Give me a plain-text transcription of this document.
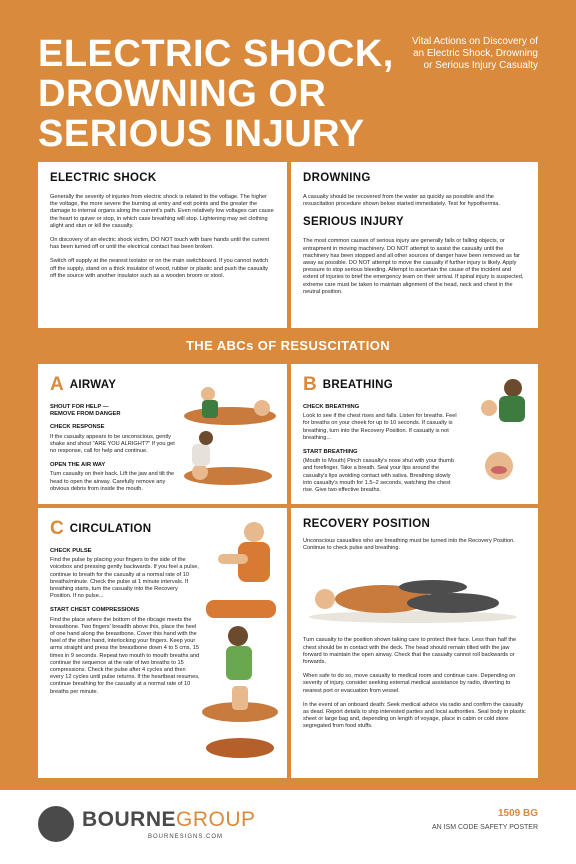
ELECTRIC SHOCK,
DROWNING OR
SERIOUS INJURY
Vital Actions on Discovery of an Electric Shock, Drowning or Serious Injury Casualty
ELECTRIC SHOCK

Generally the severity of injuries from electric shock is related to the voltage. The higher the voltage, the more severe the burning at entry and exit points and the greater the damage to internal organs along the current's path. Even relatively low voltages can cause the heart to quiver or stop, in which case breathing will stop. Lightening may set clothing alight and stun or kill the casualty.

On discovery of an electric shock victim, DO NOT touch with bare hands until the current has been turned off or until the electrical contact has been broken.

Switch off supply at the nearest isolator or on the main switchboard. If you cannot switch off the supply, stand on a thick insulator of wood, rubber or plastic and push the casualty off the source with another insulator such as a wooden broom or stool.

DROWNING

A casualty should be recovered from the water as quickly as possible and the resuscitation procedure shown below started immediately. Test for hypothermia.

SERIOUS INJURY

The most common causes of serious injury are generally falls or falling objects, or entrapment in moving machinery. DO NOT attempt to assist the casualty until the machinery has been stopped and all other sources of danger have been removed as far away as possible. DO NOT attempt to move the casualty if further injury is likely. Apply pressure to stop serious bleeding. Attempt to ascertain the cause of the incident and extent of injuries to brief the emergency team on their arrival. If spinal injury is suspected, extreme care must be taken to maintain alignment of the head, neck and chest in the neutral position.

THE ABCs OF RESUSCITATION
AAIRWAY

SHOUT FOR HELP —
REMOVE FROM DANGER

CHECK RESPONSE

If the casualty appears to be unconscious, gently shake and shout "ARE YOU ALRIGHT?" If you get no response, call for help and continue.

OPEN THE AIR WAY

Turn casualty on their back. Lift the jaw and tilt the head to open the airway. Carefully remove any obvious debris from inside the mouth.

BBREATHING

CHECK BREATHING

Look to see if the chest rises and falls. Listen for breaths. Feel for breaths on your cheek for up to 10 seconds. If casualty is breathing, turn into the Recovery Position. If casualty is not breathing...

START BREATHING

(Mouth to Mouth) Pinch casualty's nose shut with your thumb and forefinger. Take a breath. Seal your lips around the casualty's lips avoiding contact with saliva. Breathing slowly into casualty's mouth for 1.5–2 seconds, watching the chest rise. Give two effective breaths.

CCIRCULATION

CHECK PULSE

Find the pulse by placing your fingers to the side of the voicebox and pressing gently backwards. If you feel a pulse, continue to breath for the casualty at a normal rate of 10 breaths/minute. Check the pulse at 1 minute intervals. If breathing starts, turn the casualty into the Recovery Position. If no pulse...

START CHEST COMPRESSIONS

Find the place where the bottom of the ribcage meets the breastbone. Two fingers' breadth above this, place the heel of one hand along the breastbone. Cover this hand with the heel of the other hand, interlocking your fingers. Keep your arms straight and press the breastbone down 4 to 5 cms, 15 times in 9 seconds. Repeat two mouth to mouth breaths and continue the sequence at the rate of two breaths to 15 compressions. Check the pulse after 4 cycles and then every 12 cycles until pulse returns. If the heartbeat resumes, continue breathing for the casualty at a normal rate of 10 breaths per minute.

RECOVERY POSITION

Unconscious casualties who are breathing must be turned into the Recovery Position. Continue to check pulse and breathing.

Turn casualty to the position shown taking care to protect their face. Less than half the chest should be in contact with the deck. The head should remain tilted with the jaw forward to maintain the open airway. Check that the casualty cannot roll backwards or forwards.

When safe to do so, move casualty to medical room and continue care. Depending on severity of injury, consider seeking external medical assistance by radio, diverting to nearest port or evacuation from vessel.

In the event of an onboard death: Seek medical advice via radio and confirm the casualty as dead. Report details to ship interested parties and local authorities. Seal body in plastic sheet or large bag and, depending on length of voyage, place in cabin or cold store segregated from food stuffs.

BOURNEGROUP
BOURNESIGNS.COM
1509 BG
AN ISM CODE SAFETY POSTER
